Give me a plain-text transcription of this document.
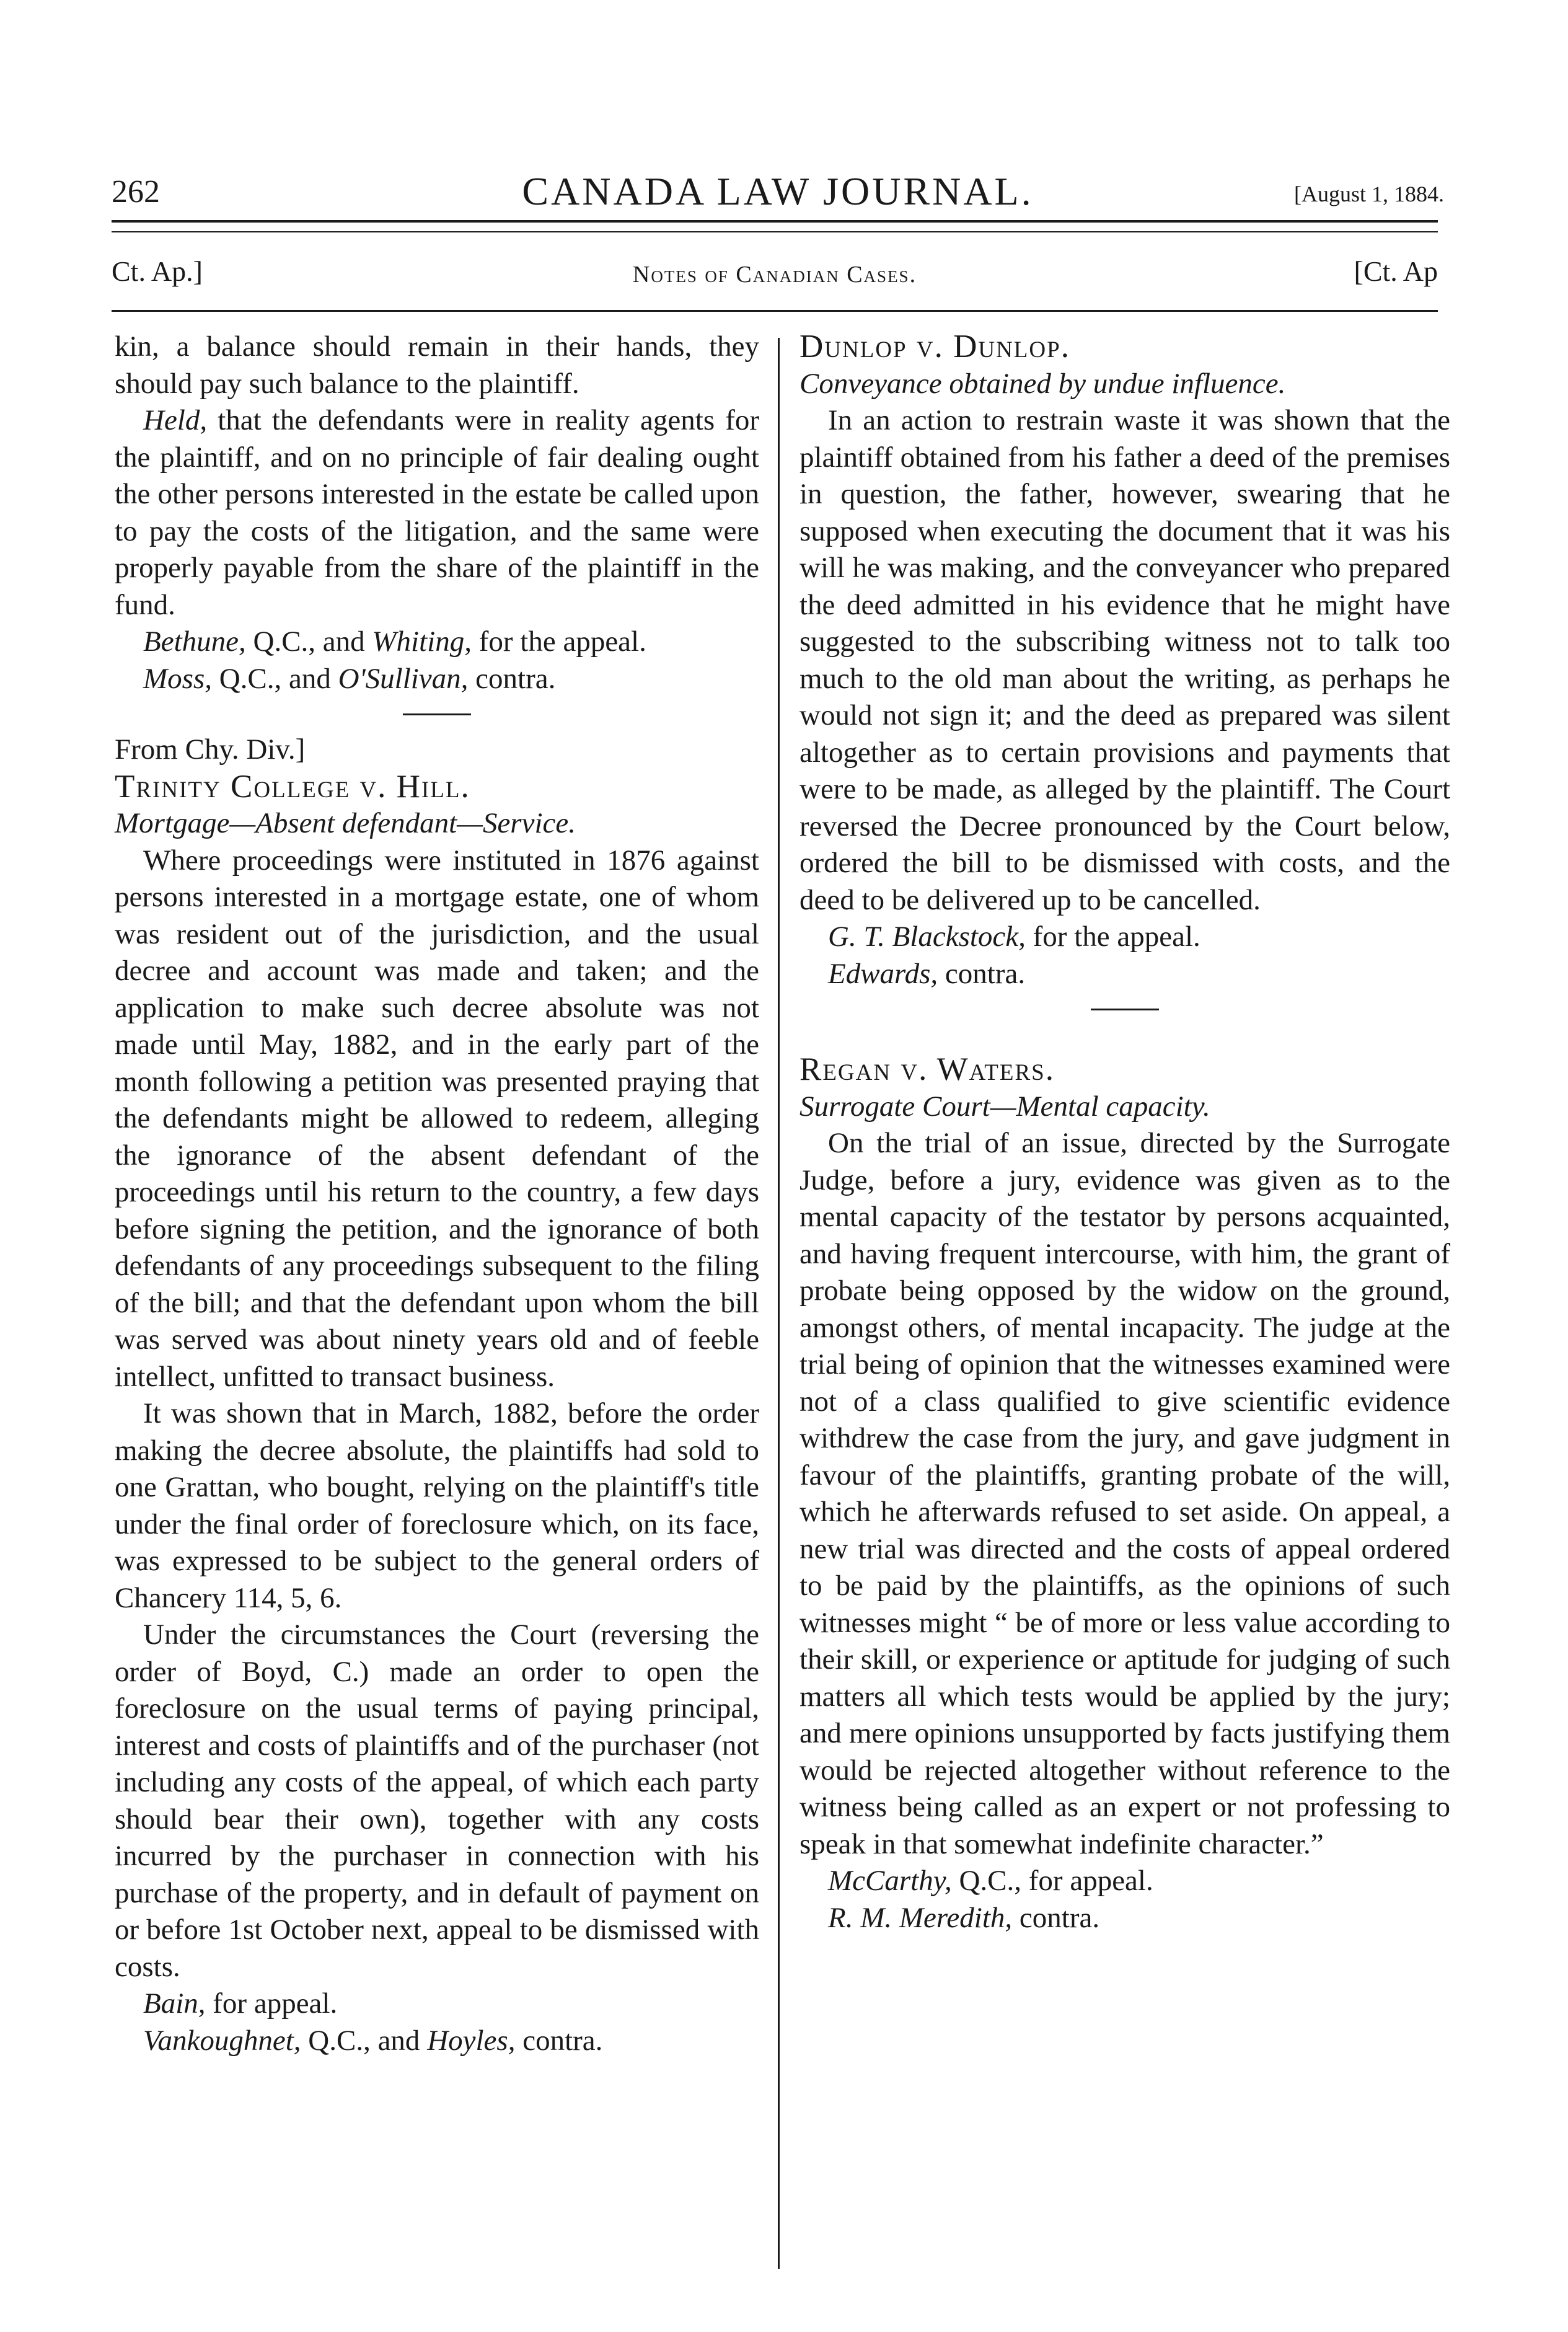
262	CANADA LAW JOURNAL.	[August 1, 1884.
Ct. Ap.]	Notes of Canadian Cases.	[Ct. Ap

kin, a balance should remain in their hands, they should pay such balance to the plaintiff.

Held, that the defendants were in reality agents for the plaintiff, and on no principle of fair dealing ought the other persons interested in the estate be called upon to pay the costs of the litigation, and the same were properly payable from the share of the plaintiff in the fund.

Bethune, Q.C., and Whiting, for the appeal.

Moss, Q.C., and O'Sullivan, contra.

From Chy. Div.]

Trinity College v. Hill.

Mortgage—Absent defendant—Service.

Where proceedings were instituted in 1876 against persons interested in a mortgage estate, one of whom was resident out of the jurisdiction, and the usual decree and account was made and taken; and the application to make such decree absolute was not made until May, 1882, and in the early part of the month following a petition was presented praying that the defendants might be allowed to redeem, alleging the ignorance of the absent defendant of the proceedings until his return to the country, a few days before signing the petition, and the ignorance of both defendants of any proceedings subsequent to the filing of the bill; and that the defendant upon whom the bill was served was about ninety years old and of feeble intellect, unfitted to transact business.

It was shown that in March, 1882, before the order making the decree absolute, the plaintiffs had sold to one Grattan, who bought, relying on the plaintiff's title under the final order of foreclosure which, on its face, was expressed to be subject to the general orders of Chancery 114, 5, 6.

Under the circumstances the Court (reversing the order of Boyd, C.) made an order to open the foreclosure on the usual terms of paying principal, interest and costs of plaintiffs and of the purchaser (not including any costs of the appeal, of which each party should bear their own), together with any costs incurred by the purchaser in connection with his purchase of the property, and in default of payment on or before 1st October next, appeal to be dismissed with costs.

Bain, for appeal.

Vankoughnet, Q.C., and Hoyles, contra.

Dunlop v. Dunlop.

Conveyance obtained by undue influence.

In an action to restrain waste it was shown that the plaintiff obtained from his father a deed of the premises in question, the father, however, swearing that he supposed when executing the document that it was his will he was making, and the conveyancer who prepared the deed admitted in his evidence that he might have suggested to the subscribing witness not to talk too much to the old man about the writing, as perhaps he would not sign it; and the deed as prepared was silent altogether as to certain provisions and payments that were to be made, as alleged by the plaintiff. The Court reversed the Decree pronounced by the Court below, ordered the bill to be dismissed with costs, and the deed to be delivered up to be cancelled.

G. T. Blackstock, for the appeal.

Edwards, contra.

Regan v. Waters.

Surrogate Court—Mental capacity.

On the trial of an issue, directed by the Surrogate Judge, before a jury, evidence was given as to the mental capacity of the testator by persons acquainted, and having frequent intercourse, with him, the grant of probate being opposed by the widow on the ground, amongst others, of mental incapacity. The judge at the trial being of opinion that the witnesses examined were not of a class qualified to give scientific evidence withdrew the case from the jury, and gave judgment in favour of the plaintiffs, granting probate of the will, which he afterwards refused to set aside. On appeal, a new trial was directed and the costs of appeal ordered to be paid by the plaintiffs, as the opinions of such witnesses might “ be of more or less value according to their skill, or experience or aptitude for judging of such matters all which tests would be applied by the jury; and mere opinions unsupported by facts justifying them would be rejected altogether without reference to the witness being called as an expert or not professing to speak in that somewhat indefinite character.”

McCarthy, Q.C., for appeal.

R. M. Meredith, contra.
